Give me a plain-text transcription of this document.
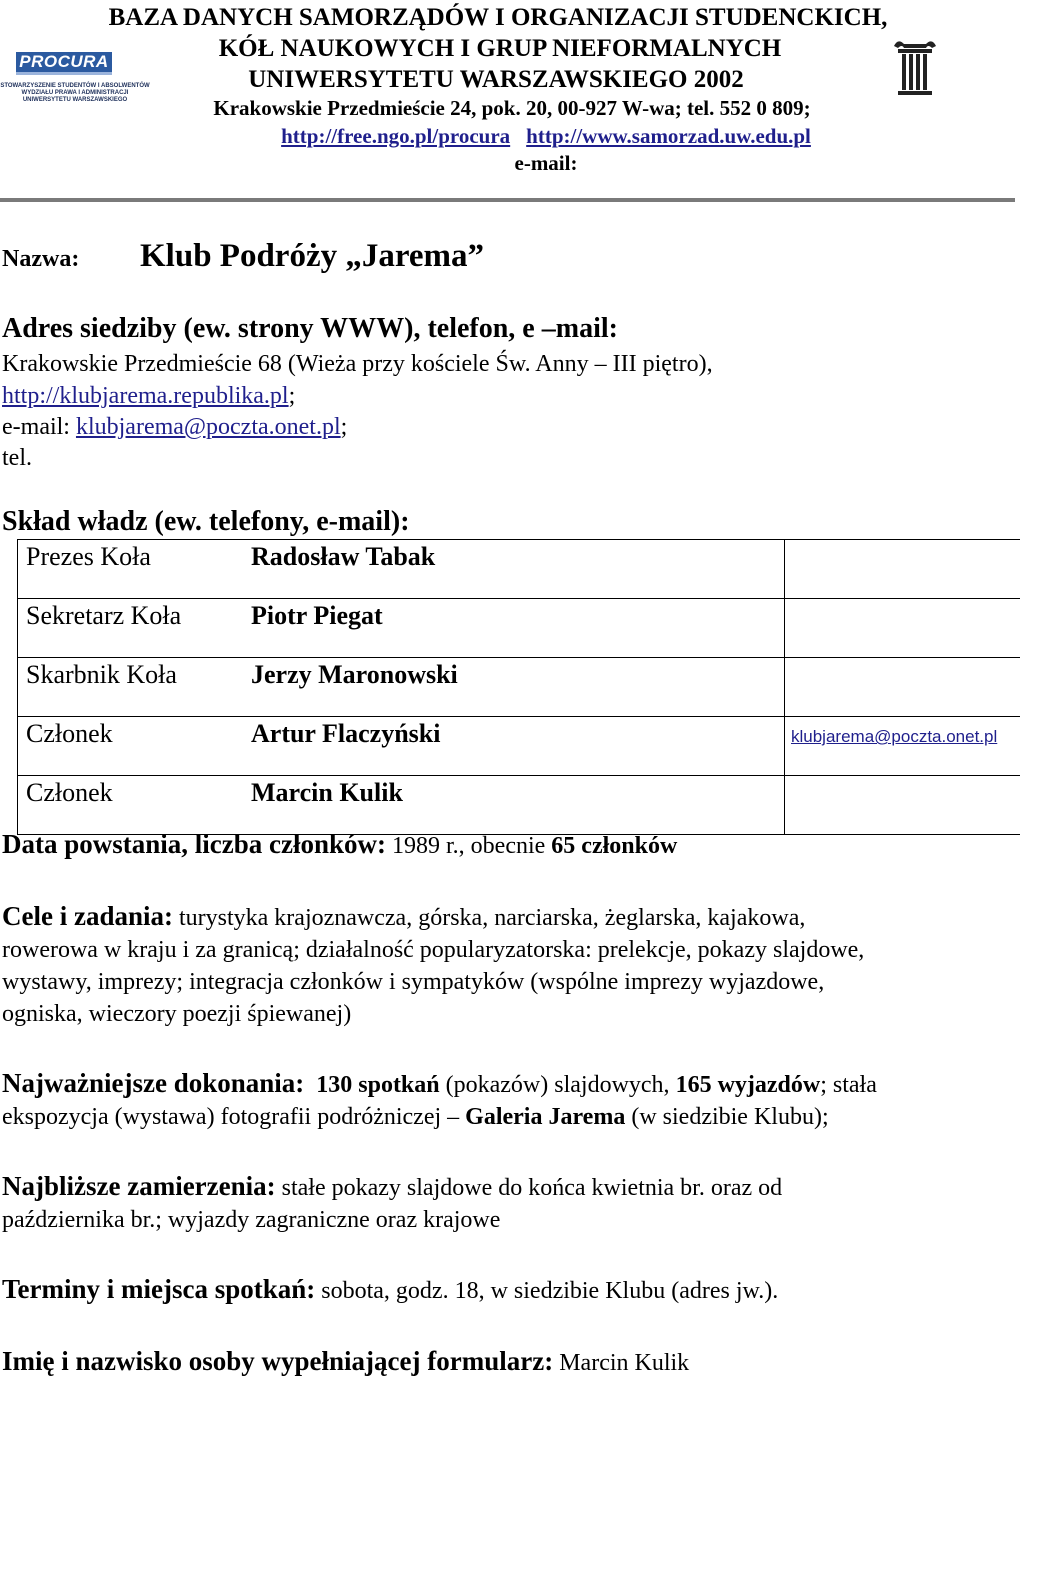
PROCURA
STOWARZYSZENIE STUDENTÓW I ABSOLWENTÓW
WYDZIAŁU PRAWA I ADMINISTRACJI
UNIWERSYTETU WARSZAWSKIEGO
BAZA DANYCH SAMORZĄDÓW I ORGANIZACJI STUDENCKICH,
KÓŁ NAUKOWYCH I GRUP NIEFORMALNYCH
UNIWERSYTETU WARSZAWSKIEGO 2002
Krakowskie Przedmieście 24, pok. 20, 00-927 W-wa; tel. 552 0 809;
http://free.ngo.pl/procura http://www.samorzad.uw.edu.pl
e-mail:
Nazwa: Klub Podróży „Jarema”
Adres siedziby (ew. strony WWW), telefon, e –mail:
Krakowskie Przedmieście 68 (Wieża przy kościele Św. Anny – III piętro),
http://klubjarema.republika.pl;
e-mail: klubjarema@poczta.onet.pl;
tel.
Skład władz (ew. telefony, e-mail):
Prezes Koła	Radosław Tabak	
Sekretarz Koła	Piotr Piegat	
Skarbnik Koła	Jerzy Maronowski	
Członek	Artur Flaczyński	klubjarema@poczta.onet.pl
Członek	Marcin Kulik	
Data powstania, liczba członków: 1989 r., obecnie 65 członków
Cele i zadania: turystyka krajoznawcza, górska, narciarska, żeglarska, kajakowa,
rowerowa w kraju i za granicą; działalność popularyzatorska: prelekcje, pokazy slajdowe,
wystawy, imprezy; integracja członków i sympatyków (wspólne imprezy wyjazdowe,
ogniska, wieczory poezji śpiewanej)
Najważniejsze dokonania: 130 spotkań (pokazów) slajdowych, 165 wyjazdów; stała
ekspozycja (wystawa) fotografii podróżniczej – Galeria Jarema (w siedzibie Klubu);
Najbliższe zamierzenia: stałe pokazy slajdowe do końca kwietnia br. oraz od
października br.; wyjazdy zagraniczne oraz krajowe
Terminy i miejsca spotkań: sobota, godz. 18, w siedzibie Klubu (adres jw.).
Imię i nazwisko osoby wypełniającej formularz: Marcin Kulik
